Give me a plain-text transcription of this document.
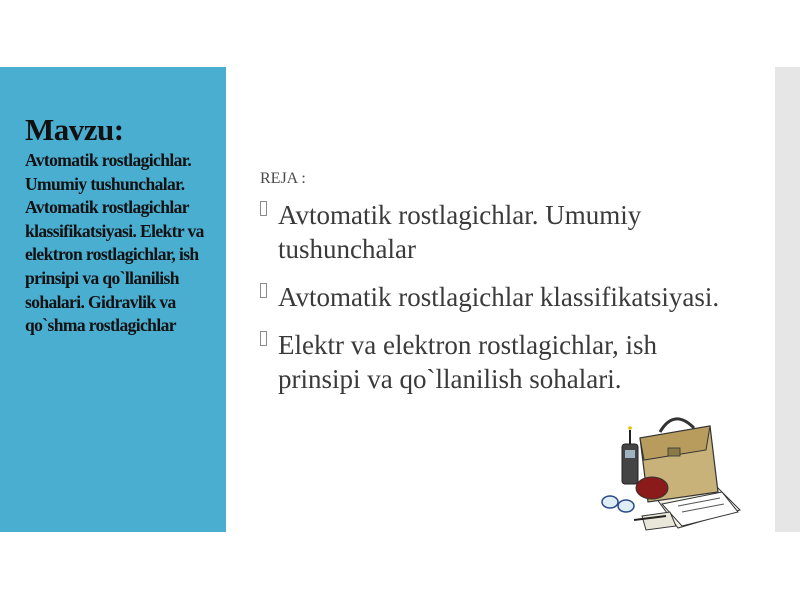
Mavzu:
Avtomatik rostlagichlar. Umumiy tushunchalar. Avtomatik rostlagichlar klassifikatsiyasi. Elektr va elektron rostlagichlar, ish prinsipi va qo`llanilish sohalari. Gidravlik va qo`shma rostlagichlar
REJA :
Avtomatik rostlagichlar. Umumiy tushunchalar
Avtomatik rostlagichlar klassifikatsiyasi.
Elektr va elektron rostlagichlar, ish prinsipi va qo`llanilish sohalari.
